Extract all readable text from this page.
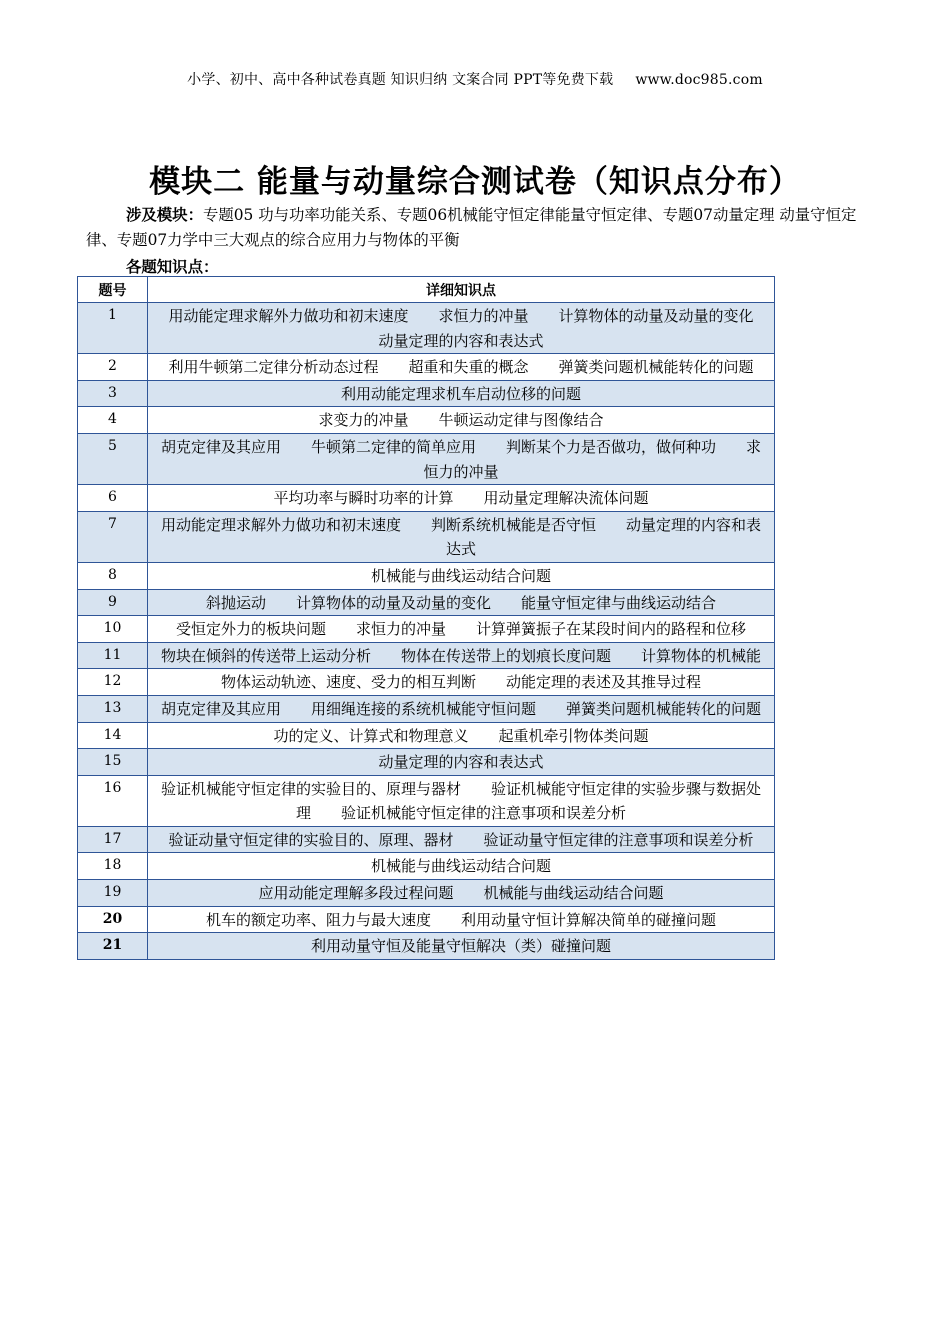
小学、初中、高中各种试卷真题 知识归纳 文案合同 PPT等免费下载 www.doc985.com
模块二 能量与动量综合测试卷（知识点分布）
涉及模块：专题05 功与功率功能关系、专题06机械能守恒定律能量守恒定律、专题07动量定理 动量守恒定律、专题07力学中三大观点的综合应用力与物体的平衡
各题知识点：
题号	详细知识点
1	用动能定理求解外力做功和初末速度　　求恒力的冲量　　计算物体的动量及动量的变化　　动量定理的内容和表达式
2	利用牛顿第二定律分析动态过程　　超重和失重的概念　　弹簧类问题机械能转化的问题
3	利用动能定理求机车启动位移的问题
4	求变力的冲量　　牛顿运动定律与图像结合
5	胡克定律及其应用　　牛顿第二定律的简单应用　　判断某个力是否做功，做何种功　　求恒力的冲量
6	平均功率与瞬时功率的计算　　用动量定理解决流体问题
7	用动能定理求解外力做功和初末速度　　判断系统机械能是否守恒　　动量定理的内容和表达式
8	机械能与曲线运动结合问题
9	斜抛运动　　计算物体的动量及动量的变化　　能量守恒定律与曲线运动结合
10	受恒定外力的板块问题　　求恒力的冲量　　计算弹簧振子在某段时间内的路程和位移
11	物块在倾斜的传送带上运动分析　　物体在传送带上的划痕长度问题　　计算物体的机械能
12	物体运动轨迹、速度、受力的相互判断　　动能定理的表述及其推导过程
13	胡克定律及其应用　　用细绳连接的系统机械能守恒问题　　弹簧类问题机械能转化的问题
14	功的定义、计算式和物理意义　　起重机牵引物体类问题
15	动量定理的内容和表达式
16	验证机械能守恒定律的实验目的、原理与器材　　验证机械能守恒定律的实验步骤与数据处理　　验证机械能守恒定律的注意事项和误差分析
17	验证动量守恒定律的实验目的、原理、器材　　验证动量守恒定律的注意事项和误差分析
18	机械能与曲线运动结合问题
19	应用动能定理解多段过程问题　　机械能与曲线运动结合问题
20	机车的额定功率、阻力与最大速度　　利用动量守恒计算解决简单的碰撞问题
21	利用动量守恒及能量守恒解决（类）碰撞问题
